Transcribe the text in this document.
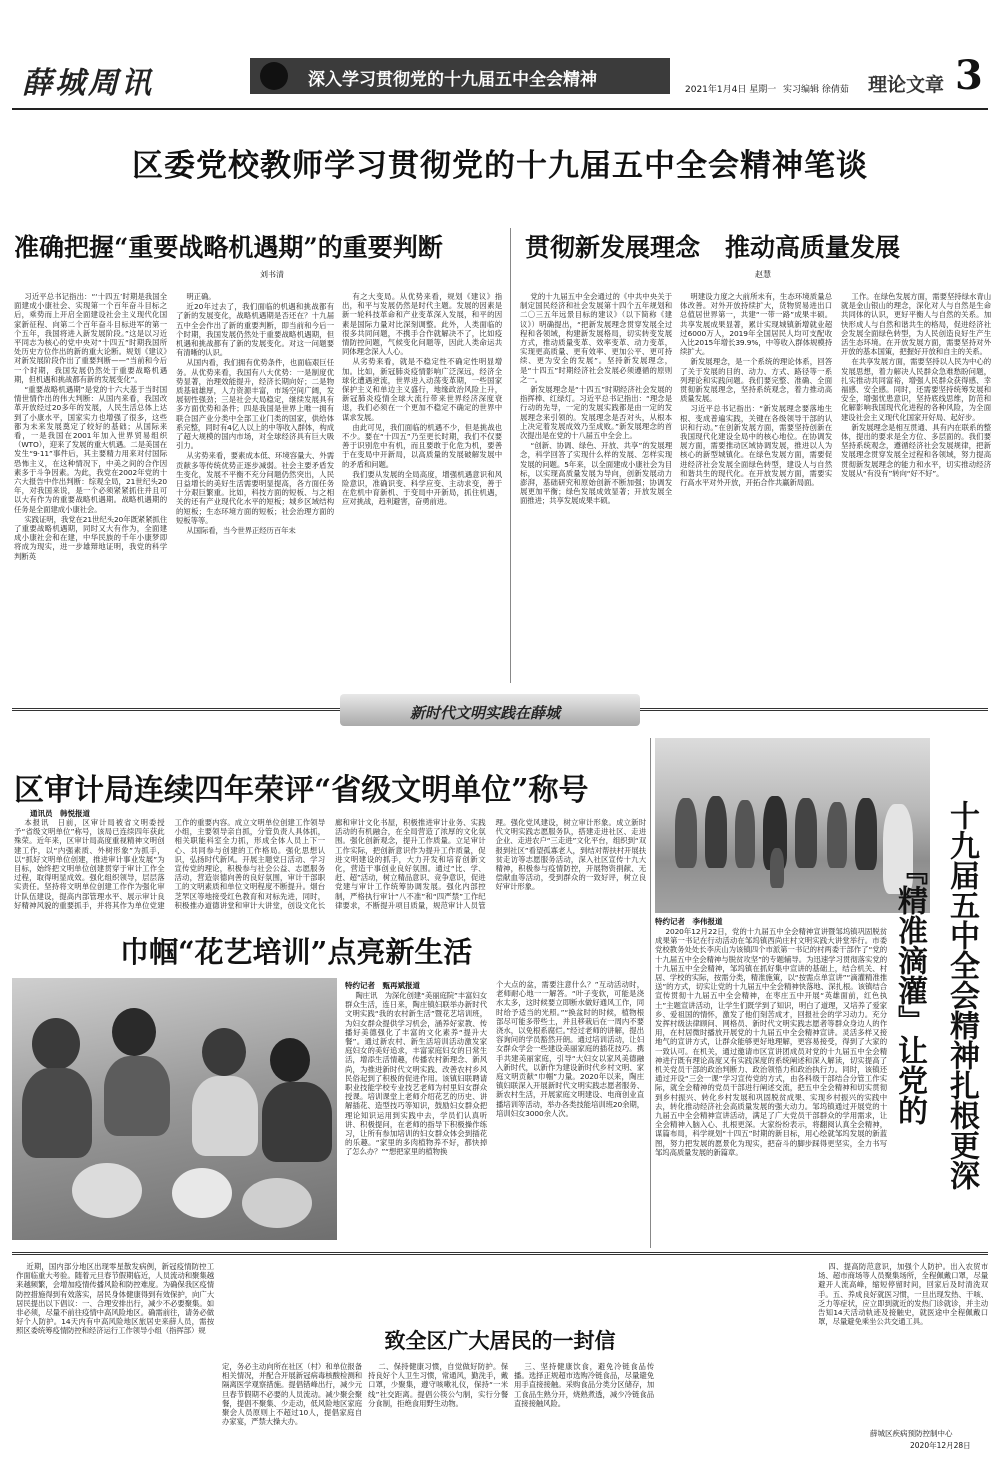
薛城周讯	深入学习贯彻党的十九届五中全会精神	2021年1月4日 星期一 实习编辑 徐倩茹 理论文章 3
区委党校教师学习贯彻党的十九届五中全会精神笔谈
准确把握“重要战略机遇期”的重要判断
刘书清

习近平总书记指出：“‘十四五’时期是我国全面建成小康社会、实现第一个百年奋斗目标之后，乘势而上开启全面建设社会主义现代化国家新征程、向第二个百年奋斗目标进军的第一个五年，我国将进入新发展阶段。”这是以习近平同志为核心的党中央对“十四五”时期我国所处历史方位作出的新的重大论断。规划《建议》对新发展阶段作出了重要判断——“当前和今后一个时期，我国发展仍然处于重要战略机遇期，但机遇和挑战都有新的发展变化”。

“重要战略机遇期”是党的十六大基于当时国情世情作出的伟大判断：从国内来看，我国改革开放经过20多年的发展，人民生活总体上达到了小康水平，国家实力也增强了很多，这些都为未来发展奠定了较好的基础；从国际来看，一是我国在2001年加入世界贸易组织（WTO），迎来了发展的重大机遇。二是美国在发生“9·11”事件后，其主要精力用来对付国际恐怖主义，在这种情况下，中美之间的合作因素多于斗争因素。为此，我党在2002年党的十六大报告中作出判断：综观全局，21世纪头20年，对我国来说，是一个必须紧紧抓住并且可以大有作为的重要战略机遇期。战略机遇期的任务是全面建成小康社会。

实践证明，我党在21世纪头20年既紧紧抓住了重要战略机遇期，同时又大有作为，全面建成小康社会和在建，中华民族的千年小康梦即将成为现实，进一步雄辩地证明，我党的科学判断英

明正确。

近20年过去了，我们面临的机遇和挑战都有了新的发展变化，战略机遇期是否还在？十九届五中全会作出了新的重要判断，即当前和今后一个时期，我国发展仍然处于重要战略机遇期，但机遇和挑战都有了新的发展变化。对这一问题要有清晰的认识。

从国内看，我们拥有优势条件，也面临艰巨任务。从优势来看，我国有八大优势：一是制度优势显著，治理效能提升，经济长期向好；二是物质基础雄厚，人力资源丰富，市场空间广阔，发展韧性强劲；三是社会大局稳定，继续发展具有多方面优势和条件；四是我国是世界上唯一拥有联合国产业分类中全部工业门类的国家，供给体系完整，同时有4亿人以上的中等收入群体，构成了超大规模的国内市场，对全球经济具有巨大吸引力。

从劣势来看，要素成本低、环境容量大、外需贡献多等传统优势正逐步减弱。社会主要矛盾发生变化，发展不平衡不充分问题仍然突出，人民日益增长的美好生活需要明显提高，各方面任务十分艰巨繁重。比如，科技方面的短板、与之相关的还有产业现代化水平的短板；城乡区域结构的短板；生态环境方面的短板；社会治理方面的短板等等。

从国际看，当今世界正经历百年未

有之大变局。从优势来看，规划《建议》指出，和平与发展仍然是时代主题。发展的因素是新一轮科技革命和产业变革深入发展，和平的因素是国际力量对比深刻调整。此外，人类面临的很多共同问题，不携手合作就解决不了，比如疫情防控问题，气候变化问题等，因此人类命运共同体理念深入人心。

从劣势来看，就是不稳定性不确定性明显增加。比如，新冠肺炎疫情影响广泛深远，经济全球化遭遇逆流，世界进入动荡变革期，一些国家保护主义和单边主义盛行，地缘政治风险上升，新冠肺炎疫情全球大流行带来世界经济深度衰退，我们必须在一个更加不稳定不确定的世界中谋求发展。

由此可见，我们面临的机遇不少，但是挑战也不少。要在“十四五”乃至更长时期，我们不仅要善于识别危中有机，而且要敢于化危为机，要善于在变局中开新局，以高质量的发展破解发展中的矛盾和问题。

我们要从发展的全局高度，增强机遇意识和风险意识，准确识变、科学应变、主动求变，善于在危机中育新机、于变局中开新局，抓住机遇，应对挑战，趋利避害，奋勇前进。

贯彻新发展理念　推动高质量发展
赵慧

党的十九届五中全会通过的《中共中央关于制定国民经济和社会发展第十四个五年规划和二〇三五年远景目标的建议》（以下简称《建议》）明确提出，“把新发展理念贯穿发展全过程和各领域，构建新发展格局，切实转变发展方式，推动质量变革、效率变革、动力变革，实现更高质量、更有效率、更加公平、更可持续、更为安全的发展”。坚持新发展理念，是“十四五”时期经济社会发展必须遵循的原则之一。

新发展理念是“十四五”时期经济社会发展的指挥棒、红绿灯。习近平总书记指出：“理念是行动的先导，一定的发展实践都是由一定的发展理念来引领的。发展理念是否对头，从根本上决定着发展成效乃至成败。”新发展理念的首次提出是在党的十八届五中全会上。

“创新、协调、绿色、开放、共享”的发展理念，科学回答了实现什么样的发展、怎样实现发展的问题。5年来，以全面建成小康社会为目标，以实现高质量发展为导向，创新发展动力澎湃，基础研究和原始创新不断加强；协调发展更加平衡；绿色发展成效显著；开放发展全面推进；共享发展成果丰硕。

明建设力度之大前所未有，生态环境质量总体改善。对外开放持续扩大，货物贸易进出口总值居世界第一，共建“一带一路”成果丰硕。共享发展成果显著，累计实现城镇新增就业超过6000万人，2019年全国居民人均可支配收入比2015年增长39.9%，中等收入群体规模持续扩大。

新发展理念，是一个系统的理论体系，回答了关于发展的目的、动力、方式、路径等一系列理论和实践问题。我们要完整、准确、全面贯彻新发展理念，坚持系统观念，着力推动高质量发展。

习近平总书记指出：“新发展理念要落地生根、变成普遍实践，关键在各级领导干部的认识和行动。”在创新发展方面，需要坚持创新在我国现代化建设全局中的核心地位。在协调发展方面，需要推动区域协调发展，推进以人为核心的新型城镇化。在绿色发展方面，需要促进经济社会发展全面绿色转型，建设人与自然和谐共生的现代化。在开放发展方面，需要实行高水平对外开放，开拓合作共赢新局面。

工作。在绿色发展方面，需要坚持绿水青山就是金山银山的理念，深化对人与自然是生命共同体的认识，更好平衡人与自然的关系。加快形成人与自然和谐共生的格局，促进经济社会发展全面绿色转型，为人民创造良好生产生活生态环境。在开放发展方面，需要坚持对外开放的基本国策，把握好开放和自主的关系。

在共享发展方面，需要坚持以人民为中心的发展思想，着力解决人民群众急难愁盼问题，扎实推动共同富裕，增强人民群众获得感、幸福感、安全感。同时，还需要坚持统筹发展和安全，增强忧患意识，坚持底线思维，防范和化解影响我国现代化进程的各种风险，为全面建设社会主义现代化国家开好局、起好步。

新发展理念是相互贯通、具有内在联系的整体，提出的要求是全方位、多层面的。我们要坚持系统观念，遵循经济社会发展规律，把新发展理念贯穿发展全过程和各领域，努力提高贯彻新发展理念的能力和水平，切实推动经济发展从“有没有”转向“好不好”。

新时代文明实践在薛城
区审计局连续四年荣评“省级文明单位”称号
通讯员　韩悦报道
本报讯　日前，区审计局被省文明委授予“省级文明单位”称号，该局已连续四年获此殊荣。近年来，区审计局高度重视精神文明创建工作，以“内强素质、外树形象”为抓手，以“抓好文明单位创建，推进审计事业发展”为目标，始终把文明单位创建贯穿于审计工作全过程，取得明显成效。强化组织领导，层层落实责任。坚持将文明单位创建工作作为强化审计队伍建设，提高内部管理水平、展示审计良好精神风貌的重要抓手，并将其作为单位党建工作的重要内容。成立文明单位创建工作领导小组，主要领导亲自抓，分管负责人具体抓，相关职能科室全力抓，形成全体人员上下一心、共同参与创建的工作格局。强化思想认识，弘扬时代新风。开展主题党日活动、学习宣传党的理论，积极参与社会公益、志愿服务活动，营造崇德向善的良好氛围，审计干部职工的文明素质和单位文明程度不断提升。烟台芝罘区等地接受红色教育和对标先进，同时，积极推办道德讲堂和审计大讲堂，创设文化长廊和审计文化书屋，积极推进审计业务、实践活动的有机融合，在全局营造了浓厚的文化氛围。强化创新观念，提升工作质量。立足审计工作实际，把创新意识作为提升工作质量，促进文明建设的抓手，大力开发和培育创新文化，营造干事创业良好氛围。通过“比、学、赶、超”活动，树立精品意识、竞争意识，促进党建与审计工作统筹协调发展。强化内部控制，严格执行审计“八不准”和“四严禁”工作纪律要求，不断提升项目质量，规范审计人员管理。强化党风建设，树立审计形象。成立新时代文明实践志愿服务队，搭建走进社区、走进企业、走进农户“三走进”文化平台，组织到“双报到社区”看望孤寡老人，到结对帮扶村开展扶贫走访等志愿服务活动，深入社区宣传十九大精神，积极参与疫情防控，开展物资捐献、无偿献血等活动，受到群众的一致好评，树立良好审计形象。	十九届五中全会精神扎根更深
『精准滴灌』让党的
特约记者　李伟报道
2020年12月22日，党的十九届五中全会精神宣讲暨邹坞镇巩固脱贫成果第一书记在行动活动在邹坞镇西尚庄村文明实践大讲堂举行。市委党校教务处处长李庆山为该镇四个市派第一书记的村两委干部作了“党的十九届五中全会精神与脱贫攻坚”的专题辅导。为迅速学习贯彻落实党的十九届五中全会精神，邹坞镇在抓好集中宣讲的基础上，结合机关、村居、学校的实际，按需分类，精准施策，以“按需点单宣讲”“滴灌精准推送”的方式，切实让党的十九届五中全会精神快落地、深扎根。该镇结合宣传贯彻十九届五中全会精神，在枣庄五中开展“英雄面前，红色执土”主题宣讲活动，让学生们既学到了知识，明白了道理，又培养了爱家乡、爱祖国的情怀，激发了他们刻苦成才，回报社会的学习动力。充分发挥村级法律顾问、网格员、新时代文明实践志愿者等群众身边人的作用，在村居微时播放开展党的十九届五中全会精神宣讲。灵活多样又接地气的宣讲方式，让群众能够更好地理解，更容易接受，得到了大家的一致认可。在机关，通过邀请市区宣讲团成员对党的十九届五中全会精神进行既有理论高度又有实践深度的系统阐述和深入解读，切实提高了机关党员干部的政治判断力、政治领悟力和政治执行力。同时，该镇还通过开设“三会一课”学习宣传党的方式，由各科级干部结合分管工作实际，就全会精神的党员干部进行阐述交流，把五中全会精神和切实贯彻到乡村振兴、转化乡村发展和巩固脱贫成果、实现乡村振兴的实践中去，转化推动经济社会高质量发展的强大动力。邹坞镇通过开展党的十九届五中全会精神宣讲活动，满足了广大党员干部群众的学用需求，让全会精神入脑入心、扎根更深。大家纷纷表示，将翻阅认真全会精神，谋篇布局，科学规划“十四五”时期的新目标，用心绘就邹坞发展的新蓝图，努力把发展的愿景化为现实，把奋斗的脚步踩得更坚实，全力书写邹坞高质量发展的新篇章。
巾帼“花艺培训”点亮新生活
特约记者　甄再斌报道
陶庄讯　为深化创建“美丽庭院”丰富妇女群众生活，连日来，陶庄镇妇联举办新时代文明实践“我的农村新生活”暨花艺培训班，为妇女群众提供学习机会，涵养好家教、传播好美德强化了丰富的文化素养“提升大餐”。通过新农村、新生活培训活动激发家庭妇女的美好追求，丰富家庭妇女的日常生活，增添生活情趣，传播农村新理念、新风尚，为推进新时代文明实践、改善农村乡风民俗起到了积极的促进作用。该镇妇联聘请职业技能学校专业技艺老师为村里妇女群众授课。培训课堂上老师介绍花艺的历史、讲解插花、造型技巧等知识，鼓励妇女群众把理论知识运用到实践中去，学员们认真听讲、积极提问，在老师的指导下积极操作练习，让所有参加培训的妇女群众体会到插花的乐趣。“家里的多肉植物养不好，都快掉了怎么办？”“想把家里的植物换
个大点的盆，需要注意什么？”互动活动时，老师耐心地一一解答。“叶子变软，可能是浇水太多，这时候要立即断水做好通风工作，同时给予适当的光照。”“换盆时的时候，植物根部尽可能多带些土，并且移栽后在一周内不要浇水，以免根系腐烂。”经过老师的讲解，提出容询问的学员豁然开朗。通过培训活动，让妇女群众学会一些建设美丽家庭的插花技巧。携手共建美丽家庭，引导“大妇女以家风美德融入新时代，以新作为建设新时代乡村文明、家庭文明贡献“巾帼”力量。2020年以来，陶庄镇妇联深入开展新时代文明实践志愿者服务、新农村生活，开展家庭文明建设、电商创业直播培训等活动，举办各类技能培训班20余期，培训妇女3000余人次。
致全区广大居民的一封信
近期，国内部分地区出现零星散发病例，新冠疫情防控工作面临重大考验。随着元旦春节假期临近，人员流动和聚集越来越频繁，会增加疫情传播风险和防控难度。为确保我区疫情防控措施得到有效落实，居民身体健康得到有效保护，向广大居民提出以下倡议：一、合理安排出行，减少不必要聚集。如非必须，尽量不前往疫情中高风险地区。确需前往，请务必做好个人防护。14天内有中高风险地区旅居史来薛人员，需按照区委统筹疫情防控和经济运行工作领导小组（指挥部）规
定，务必主动向所在社区（村）和单位报备相关情况，并配合开展新冠病毒核酸检测和隔离医学观察措施。提倡错峰出行，减少元旦春节假期不必要的人员流动。减少聚会聚餐，提倡不聚集、少走动，低风险地区家庭聚会人员原则上不超过10人，提倡家庭自办家宴，严禁大操大办。
二、保持健康习惯，自觉做好防护。保持良好个人卫生习惯，常通风，勤洗手，戴口罩，少聚集，遵守咳嗽礼仪，保持“一米线”社交距离。提倡公筷公勺制，实行分餐分食制，拒绝食用野生动物。
三、坚持健康饮食，避免冷链食品传播。选择正规超市选购冷链食品，尽量避免用手直接接触。采购食品分类分区储存，加工食品生熟分开，烧熟煮透，减少冷链食品直接接触风险。
四、提高防范意识，加强个人防护。出入农贸市场、超市商场等人员聚集场所，全程佩戴口罩，尽量避开人流高峰，缩短停留时间，回家后及时清洗双手。五、养成良好就医习惯，一旦出现发热、干咳、乏力等症状，应立即到就近的发热门诊就诊，并主动告知14天活动轨迹及接触史，就医途中全程佩戴口罩，尽量避免乘坐公共交通工具。
薛城区疾病预防控制中心
2020年12月28日
